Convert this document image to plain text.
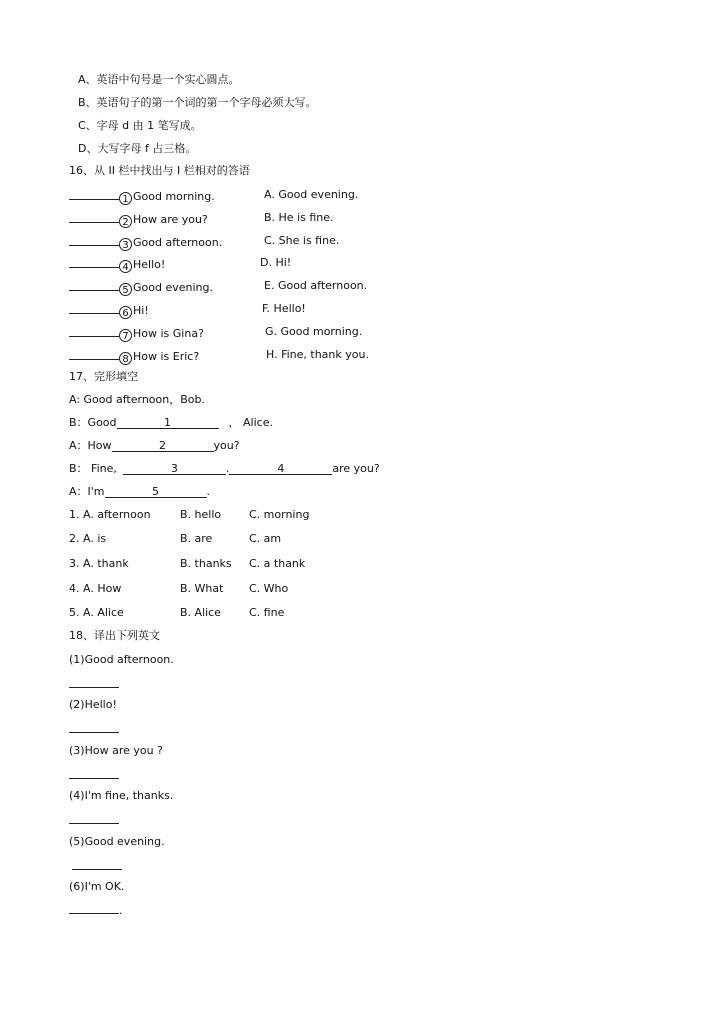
A、英语中句号是一个实心圆点。
B、英语句子的第一个词的第一个字母必须大写。
C、字母 d 由 1 笔写成。
D、大写字母 f 占三格。
16、从 II 栏中找出与 I 栏相对的答语
1 Good morning.	A. Good evening.
2 How are you?	B. He is fine.
3 Good afternoon.	C. She is fine.
4 Hello!	D. Hi!
5 Good evening.	E. Good afternoon.
6 Hi!	F. Hello!
7 How is Gina?	G. Good morning.
8 How is Eric?	H. Fine, thank you.
17、完形填空
A: Good afternoon，Bob.
B：Good	1	， Alice.
A：How	2	you?
B： Fine,	3	.	4	are you?
A：I'm	5	.
1. A. afternoon	B. hello	C. morning
2. A. is	B. are	C. am
3. A. thank	B. thanks C. a thank
4. A. How	B. What C. Who
5. A. Alice	B. Alice	C. fine
18、译出下列英文
(1)Good afternoon.
(2)Hello!
(3)How are you ?
(4)I'm fine, thanks.
(5)Good evening.
(6)I'm OK.
.
